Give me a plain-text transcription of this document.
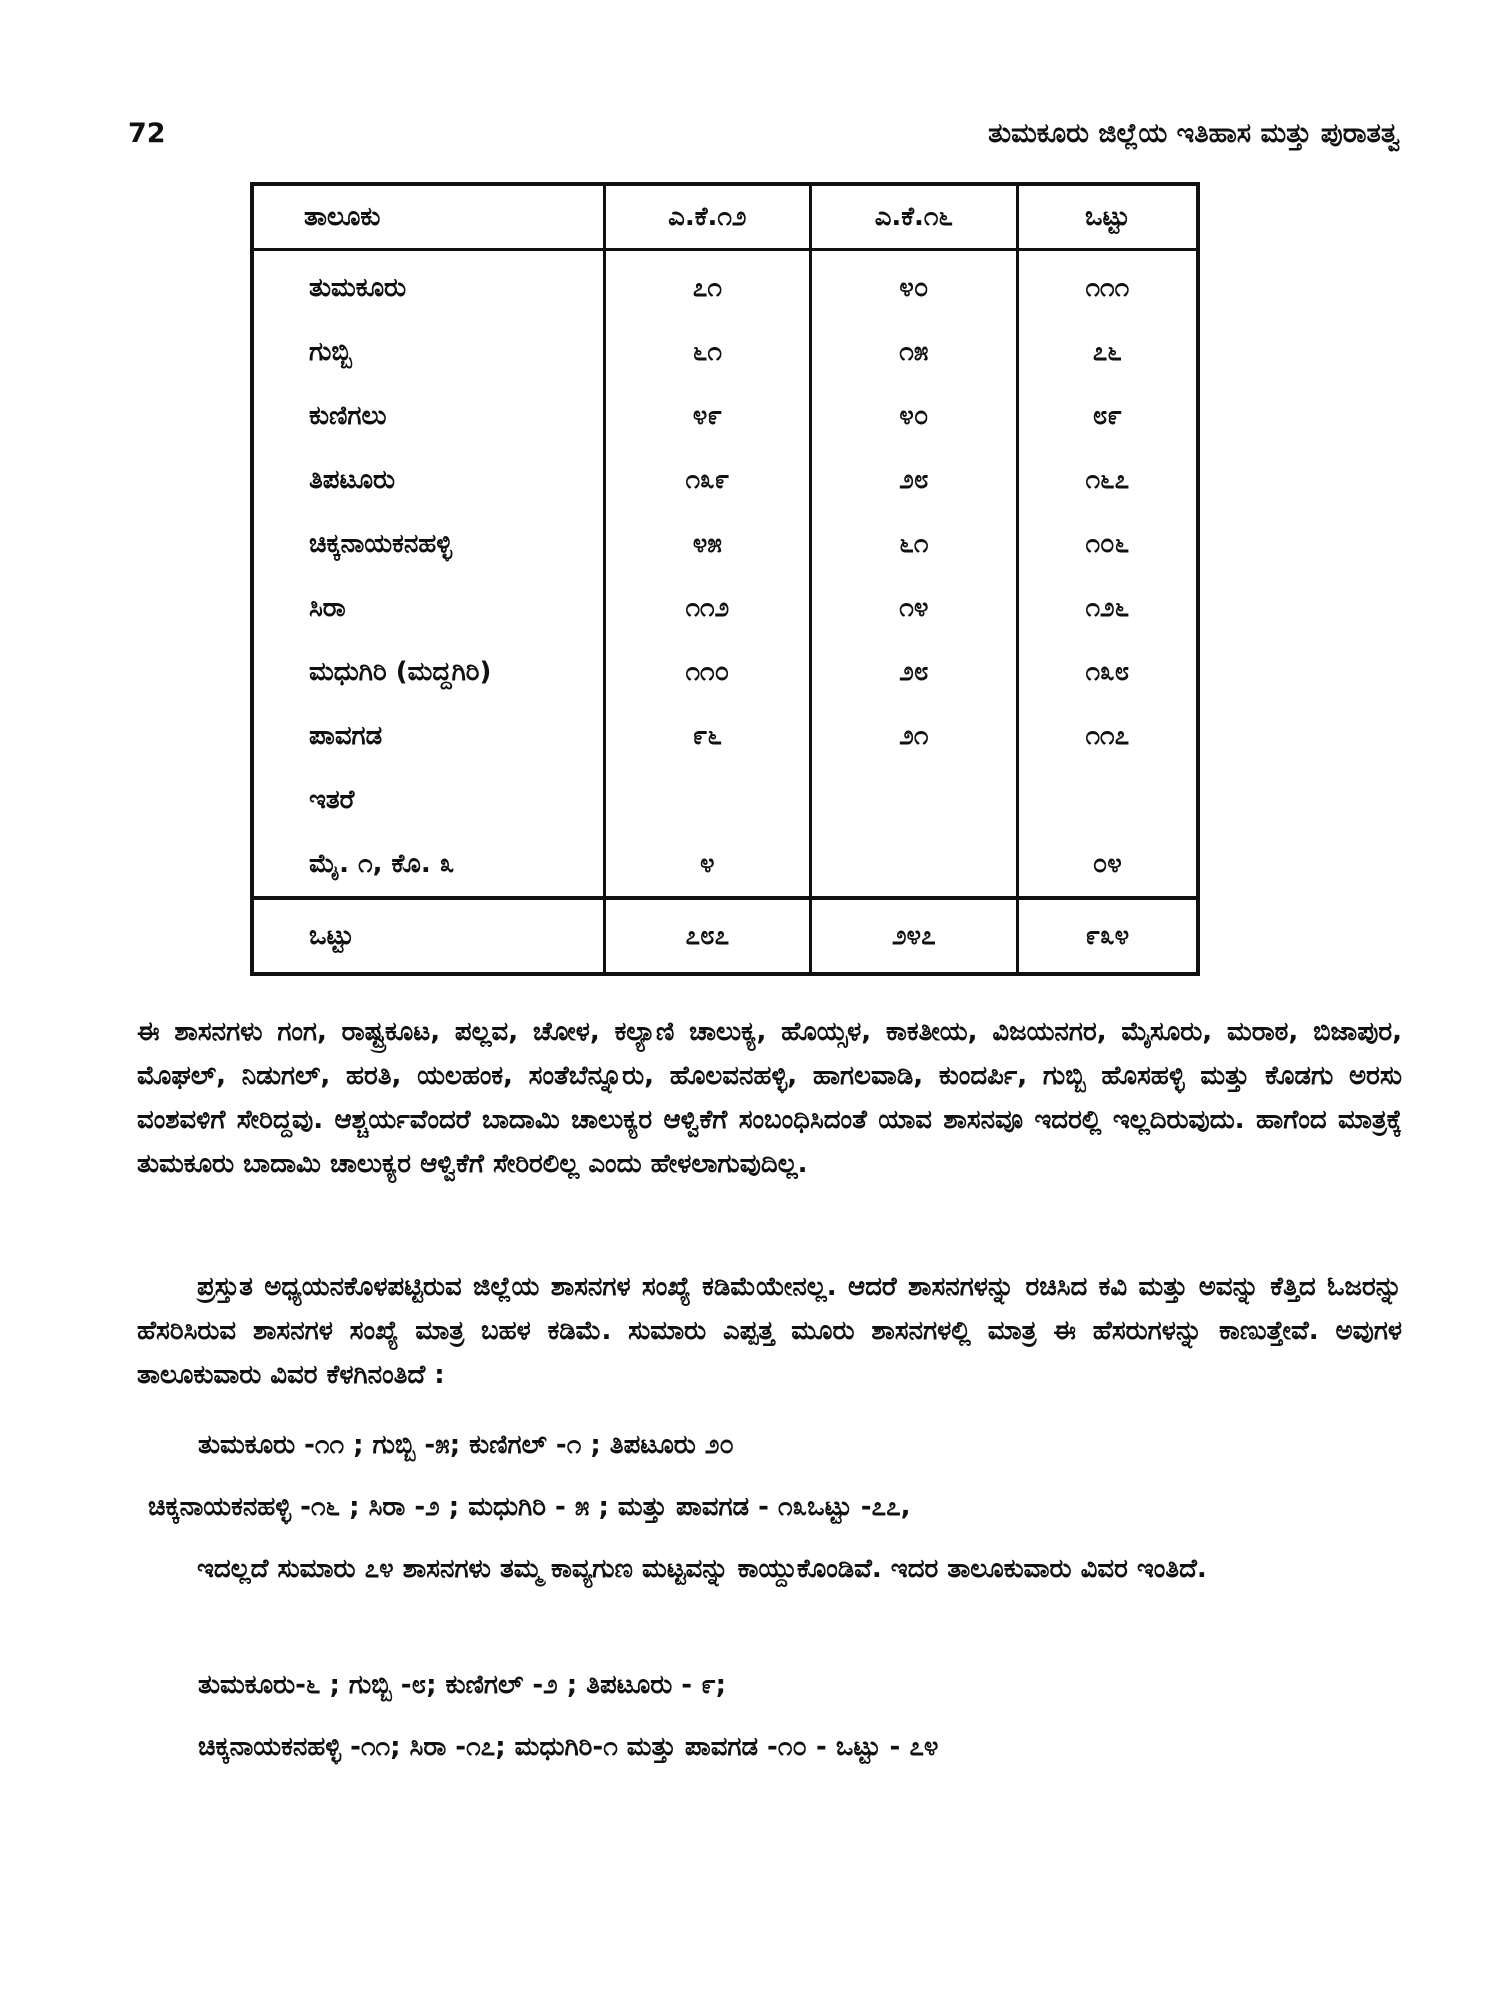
72	ತುಮಕೂರು ಜಿಲ್ಲೆಯ ಇತಿಹಾಸ ಮತ್ತು ಪುರಾತತ್ವ
ತಾಲೂಕು	ಎ.ಕೆ.೧೨	ಎ.ಕೆ.೧೬	ಒಟ್ಟು
ತುಮಕೂರು	೭೧	೪೦	೧೧೧
ಗುಬ್ಬಿ	೬೧	೧೫	೭೬
ಕುಣಿಗಲು	೪೯	೪೦	೮೯
ತಿಪಟೂರು	೧೩೯	೨೮	೧೬೭
ಚಿಕ್ಕನಾಯಕನಹಳ್ಳಿ	೪೫	೬೧	೧೦೬
ಸಿರಾ	೧೧೨	೧೪	೧೨೬
ಮಧುಗಿರಿ (ಮದ್ದಗಿರಿ)	೧೧೦	೨೮	೧೩೮
ಪಾವಗಡ	೯೬	೨೧	೧೧೭
ಇತರೆ			
ಮೈ. ೧, ಕೊ. ೩	೪		೦೪
ಒಟ್ಟು	೭೮೭	೨೪೭	೯೩೪
ಈ ಶಾಸನಗಳು ಗಂಗ, ರಾಷ್ಟ್ರಕೂಟ, ಪಲ್ಲವ, ಚೋಳ, ಕಲ್ಯಾಣಿ ಚಾಲುಕ್ಯ, ಹೊಯ್ಸಳ, ಕಾಕತೀಯ, ವಿಜಯನಗರ, ಮೈಸೂರು, ಮರಾಠ, ಬಿಜಾಪುರ, ಮೊಘಲ್, ನಿಡುಗಲ್, ಹರತಿ, ಯಲಹಂಕ, ಸಂತೆಬೆನ್ನೂರು, ಹೊಲವನಹಳ್ಳಿ, ಹಾಗಲವಾಡಿ, ಕುಂದರ್ಪಿ, ಗುಬ್ಬಿ ಹೊಸಹಳ್ಳಿ ಮತ್ತು ಕೊಡಗು ಅರಸು ವಂಶವಳಿಗೆ ಸೇರಿದ್ದವು. ಆಶ್ಚರ್ಯವೆಂದರೆ ಬಾದಾಮಿ ಚಾಲುಕ್ಯರ ಆಳ್ವಿಕೆಗೆ ಸಂಬಂಧಿಸಿದಂತೆ ಯಾವ ಶಾಸನವೂ ಇದರಲ್ಲಿ ಇಲ್ಲದಿರುವುದು. ಹಾಗೆಂದ ಮಾತ್ರಕ್ಕೆ ತುಮಕೂರು ಬಾದಾಮಿ ಚಾಲುಕ್ಯರ ಆಳ್ವಿಕೆಗೆ ಸೇರಿರಲಿಲ್ಲ ಎಂದು ಹೇಳಲಾಗುವುದಿಲ್ಲ.
ಪ್ರಸ್ತುತ ಅಧ್ಯಯನಕೊಳಪಟ್ಟಿರುವ ಜಿಲ್ಲೆಯ ಶಾಸನಗಳ ಸಂಖ್ಯೆ ಕಡಿಮೆಯೇನಲ್ಲ. ಆದರೆ ಶಾಸನಗಳನ್ನು ರಚಿಸಿದ ಕವಿ ಮತ್ತು ಅವನ್ನು ಕೆತ್ತಿದ ಓಜರನ್ನು ಹೆಸರಿಸಿರುವ ಶಾಸನಗಳ ಸಂಖ್ಯೆ ಮಾತ್ರ ಬಹಳ ಕಡಿಮೆ. ಸುಮಾರು ಎಪ್ಪತ್ತ ಮೂರು ಶಾಸನಗಳಲ್ಲಿ ಮಾತ್ರ ಈ ಹೆಸರುಗಳನ್ನು ಕಾಣುತ್ತೇವೆ. ಅವುಗಳ ತಾಲೂಕುವಾರು ವಿವರ ಕೆಳಗಿನಂತಿದೆ :
ತುಮಕೂರು -೧೧ ; ಗುಬ್ಬಿ -೫; ಕುಣಿಗಲ್ -೧ ; ತಿಪಟೂರು ೨೦
ಚಿಕ್ಕನಾಯಕನಹಳ್ಳಿ -೧೬ ; ಸಿರಾ -೨ ; ಮಧುಗಿರಿ - ೫ ; ಮತ್ತು ಪಾವಗಡ - ೧೩ಒಟ್ಟು -೭೭,
ಇದಲ್ಲದೆ ಸುಮಾರು ೭೪ ಶಾಸನಗಳು ತಮ್ಮ ಕಾವ್ಯಗುಣ ಮಟ್ಟವನ್ನು ಕಾಯ್ದುಕೊಂಡಿವೆ. ಇದರ ತಾಲೂಕುವಾರು ವಿವರ ಇಂತಿದೆ.
ತುಮಕೂರು-೬ ; ಗುಬ್ಬಿ -೮; ಕುಣಿಗಲ್ -೨ ; ತಿಪಟೂರು - ೯;
ಚಿಕ್ಕನಾಯಕನಹಳ್ಳಿ -೧೧; ಸಿರಾ -೧೭; ಮಧುಗಿರಿ-೧ ಮತ್ತು ಪಾವಗಡ -೧೦ - ಒಟ್ಟು - ೭೪
